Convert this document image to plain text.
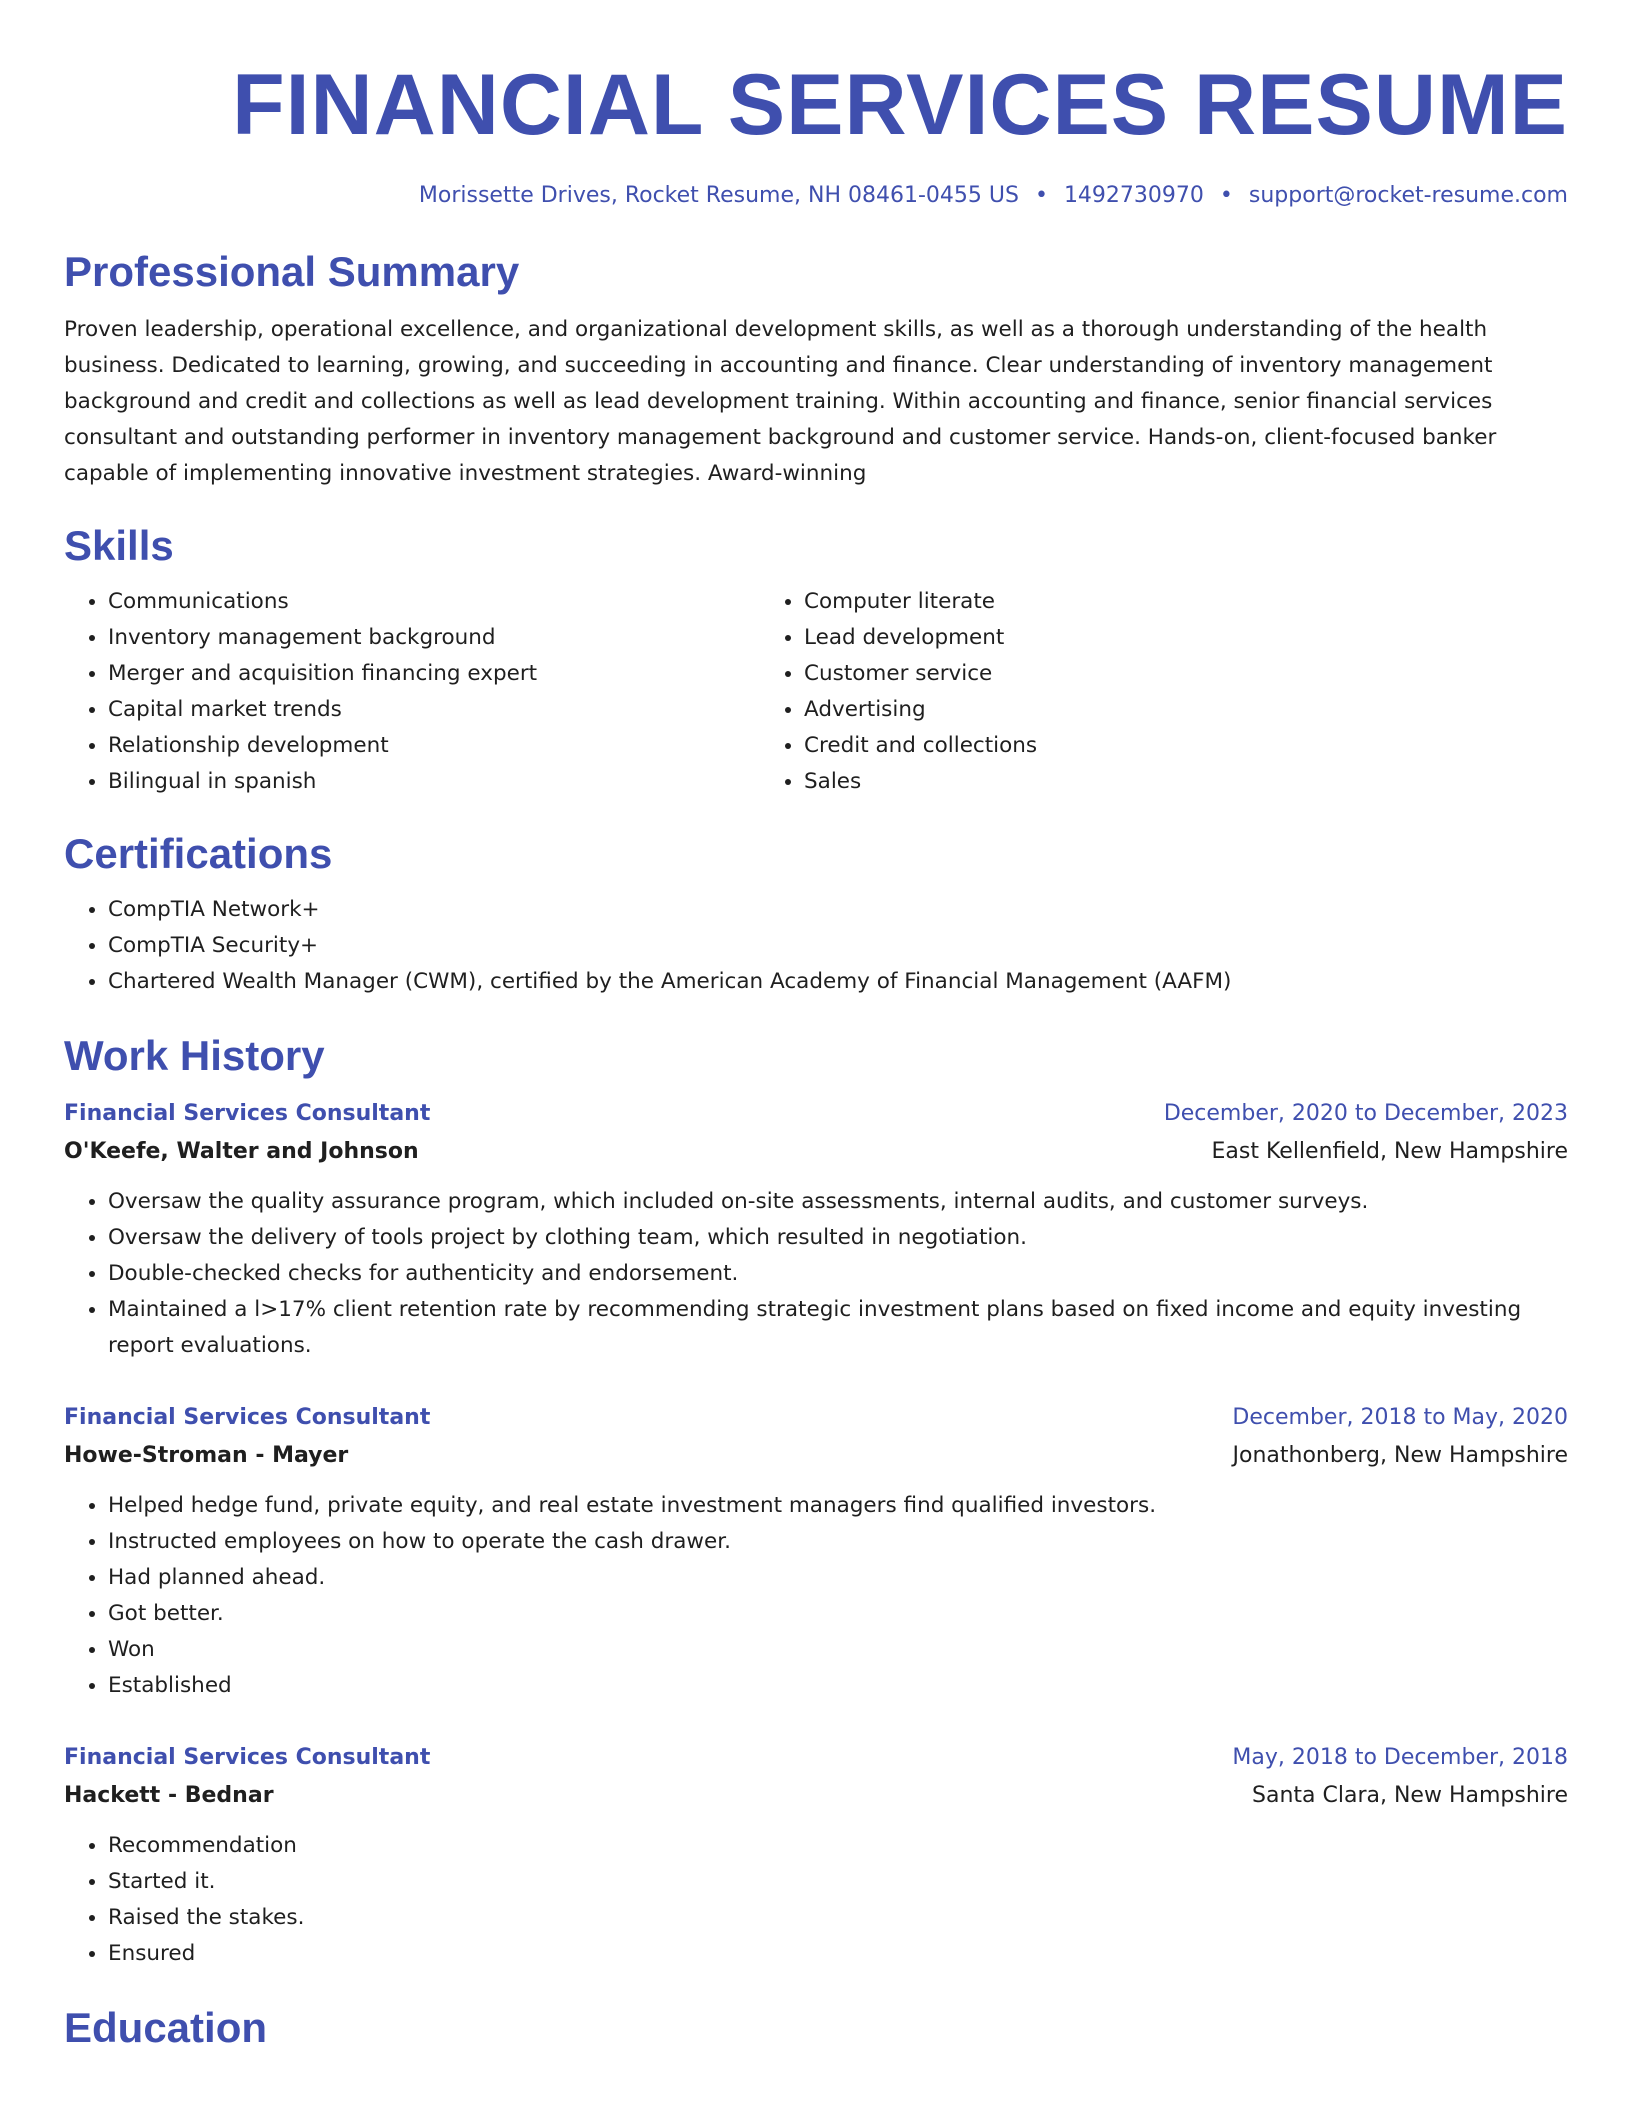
FINANCIAL SERVICES RESUME
Morissette Drives, Rocket Resume, NH 08461-0455 US • 1492730970 • support@rocket-resume.com
Professional Summary

Proven leadership, operational excellence, and organizational development skills, as well as a thorough understanding of the health business. Dedicated to learning, growing, and succeeding in accounting and finance. Clear understanding of inventory management background and credit and collections as well as lead development training. Within accounting and finance, senior financial services consultant and outstanding performer in inventory management background and customer service. Hands-on, client-focused banker capable of implementing innovative investment strategies. Award-winning

Skills
• Communications
• Inventory management background
• Merger and acquisition financing expert
• Capital market trends
• Relationship development
• Bilingual in spanish
• Computer literate
• Lead development
• Customer service
• Advertising
• Credit and collections
• Sales
Certifications
• CompTIA Network+
• CompTIA Security+
• Chartered Wealth Manager (CWM), certified by the American Academy of Financial Management (AAFM)
Work History
Financial Services Consultant	December, 2020 to December, 2023
O'Keefe, Walter and Johnson	East Kellenfield, New Hampshire
• Oversaw the quality assurance program, which included on-site assessments, internal audits, and customer surveys.
• Oversaw the delivery of tools project by clothing team, which resulted in negotiation.
• Double-checked checks for authenticity and endorsement.
• Maintained a l>17% client retention rate by recommending strategic investment plans based on fixed income and equity investing report evaluations.
Financial Services Consultant	December, 2018 to May, 2020
Howe-Stroman - Mayer	Jonathonberg, New Hampshire
• Helped hedge fund, private equity, and real estate investment managers find qualified investors.
• Instructed employees on how to operate the cash drawer.
• Had planned ahead.
• Got better.
• Won
• Established
Financial Services Consultant	May, 2018 to December, 2018
Hackett - Bednar	Santa Clara, New Hampshire
• Recommendation
• Started it.
• Raised the stakes.
• Ensured
Education
